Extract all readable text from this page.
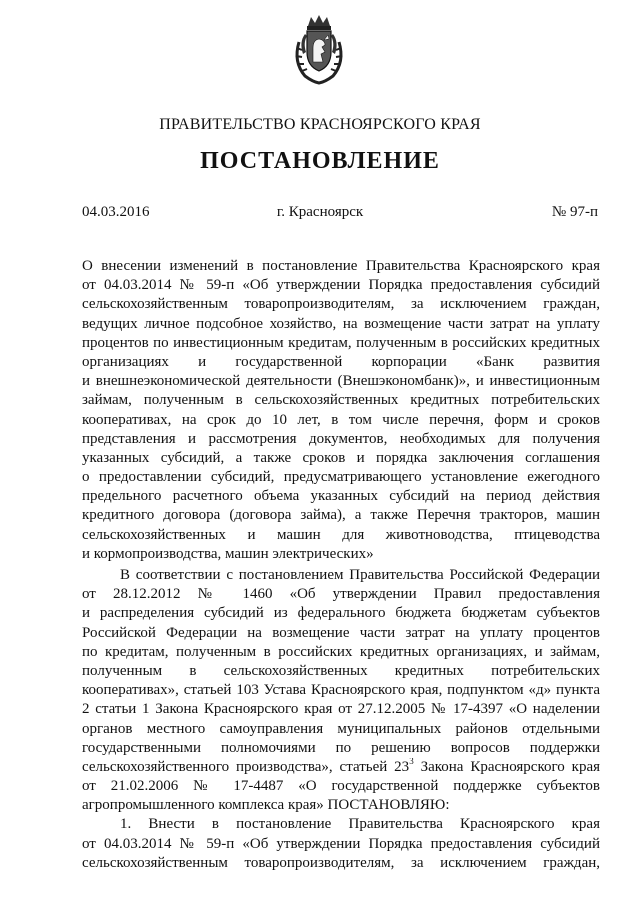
ПРАВИТЕЛЬСТВО КРАСНОЯРСКОГО КРАЯ
ПОСТАНОВЛЕНИЕ
04.03.2016	г. Красноярск	№ 97-п
О внесении изменений в постановление Правительства Красноярского края
от 04.03.2014 № 59-п «Об утверждении Порядка предоставления субсидий
сельскохозяйственным товаропроизводителям, за исключением граждан,
ведущих личное подсобное хозяйство, на возмещение части затрат на уплату
процентов по инвестиционным кредитам, полученным в российских кредитных
организациях и государственной корпорации «Банк развития
и внешнеэкономической деятельности (Внешэкономбанк)», и инвестиционным
займам, полученным в сельскохозяйственных кредитных потребительских
кооперативах, на срок до 10 лет, в том числе перечня, форм и сроков
представления и рассмотрения документов, необходимых для получения
указанных субсидий, а также сроков и порядка заключения соглашения
о предоставлении субсидий, предусматривающего установление ежегодного
предельного расчетного объема указанных субсидий на период действия
кредитного договора (договора займа), а также Перечня тракторов, машин
сельскохозяйственных и машин для животноводства, птицеводства
и кормопроизводства, машин электрических»
В соответствии с постановлением Правительства Российской Федерации
от 28.12.2012 № 1460 «Об утверждении Правил предоставления
и распределения субсидий из федерального бюджета бюджетам субъектов
Российской Федерации на возмещение части затрат на уплату процентов
по кредитам, полученным в российских кредитных организациях, и займам,
полученным в сельскохозяйственных кредитных потребительских
кооперативах», статьей 103 Устава Красноярского края, подпунктом «д» пункта
2 статьи 1 Закона Красноярского края от 27.12.2005 № 17-4397 «О наделении
органов местного самоуправления муниципальных районов отдельными
государственными полномочиями по решению вопросов поддержки
сельскохозяйственного производства», статьей $23^3$ Закона Красноярского края
от 21.02.2006 № 17-4487 «О государственной поддержке субъектов
агропромышленного комплекса края» ПОСТАНОВЛЯЮ:
1. Внести в постановление Правительства Красноярского края
от 04.03.2014 № 59-п «Об утверждении Порядка предоставления субсидий
сельскохозяйственным товаропроизводителям, за исключением граждан,
